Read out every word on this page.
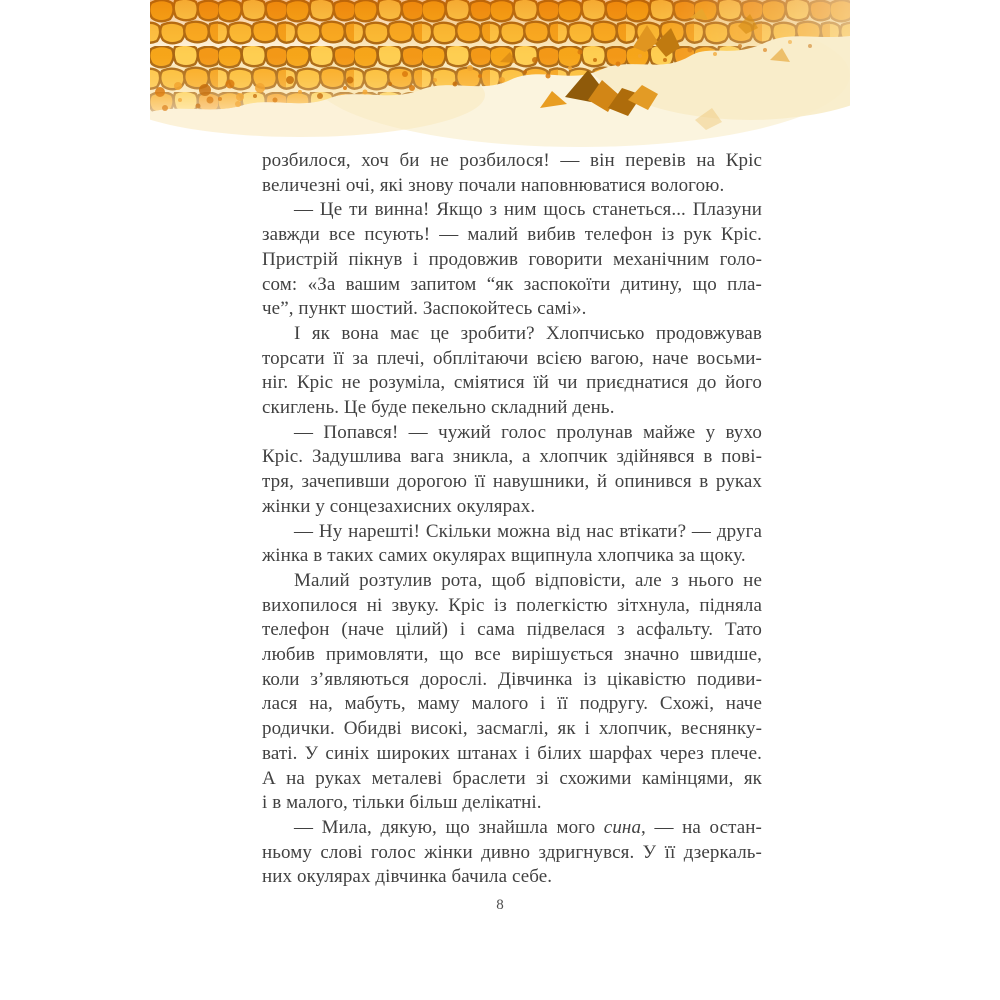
розбилося, хоч би не розбилося! — він перевів на Кріс
величезні очі, які знову почали наповнюватися вологою.
— Це ти винна! Якщо з ним щось станеться... Плазуни
завжди все псують! — малий вибив телефон із рук Кріс.
Пристрій пікнув і продовжив говорити механічним голо-
сом: «За вашим запитом “як заспокоїти дитину, що пла-
че”, пункт шостий. Заспокойтесь самі».
І як вона має це зробити? Хлопчисько продовжував
торсати її за плечі, обплітаючи всією вагою, наче восьми-
ніг. Кріс не розуміла, сміятися їй чи приєднатися до його
скиглень. Це буде пекельно складний день.
— Попався! — чужий голос пролунав майже у вухо
Кріс. Задушлива вага зникла, а хлопчик здійнявся в пові-
тря, зачепивши дорогою її навушники, й опинився в руках
жінки у сонцезахисних окулярах.
— Ну нарешті! Скільки можна від нас втікати? — друга
жінка в таких самих окулярах вщипнула хлопчика за щоку.
Малий розтулив рота, щоб відповісти, але з нього не
вихопилося ні звуку. Кріс із полегкістю зітхнула, підняла
телефон (наче цілий) і сама підвелася з асфальту. Тато
любив примовляти, що все вирішується значно швидше,
коли з’являються дорослі. Дівчинка із цікавістю подиви-
лася на, мабуть, маму малого і її подругу. Схожі, наче
родички. Обидві високі, засмаглі, як і хлопчик, веснянку-
ваті. У синіх широких штанах і білих шарфах через плече.
А на руках металеві браслети зі схожими камінцями, як
і в малого, тільки більш делікатні.
— Мила, дякую, що знайшла мого сина, — на остан-
ньому слові голос жінки дивно здригнувся. У її дзеркаль-
них окулярах дівчинка бачила себе.
8
